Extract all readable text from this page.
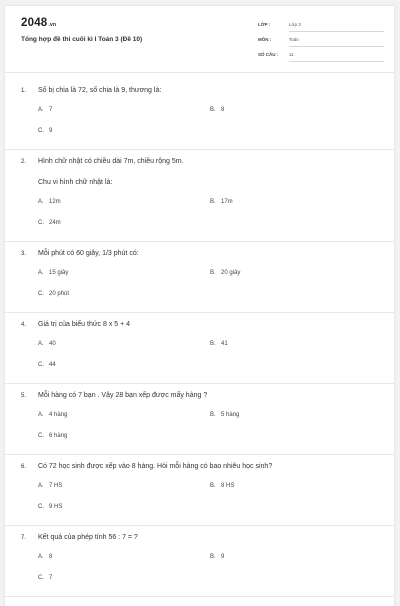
2048.vn
Tổng hợp đề thi cuối kì I Toán 3 (Đề 10)
LỚP :	Lớp 3
MÔN :	Toán
SỐ CÂU : 11
1. Số bị chia là 72, số chia là 9, thương là:
A. 7	B. 8
C. 9
2. Hình chữ nhật có chiều dài 7m, chiều rộng 5m.
Chu vi hình chữ nhật là:
A. 12m	B. 17m
C. 24m
3. Mỗi phút có 60 giây, 1/3 phút có:
A. 15 giây	B. 20 giây
C. 20 phút
4. Giá trị của biểu thức 8 x 5 + 4
A. 40	B. 41
C. 44
5. Mỗi hàng có 7 bạn . Vậy 28 bạn xếp được mấy hàng ?
A. 4 hàng	B. 5 hàng
C. 6 hàng
6. Có 72 học sinh được xếp vào 8 hàng. Hỏi mỗi hàng có bao nhiêu học sinh?
A. 7 HS	B. 8 HS
C. 9 HS
7. Kết quả của phép tính 56 : 7 = ?
A. 8	B. 9
C. 7
